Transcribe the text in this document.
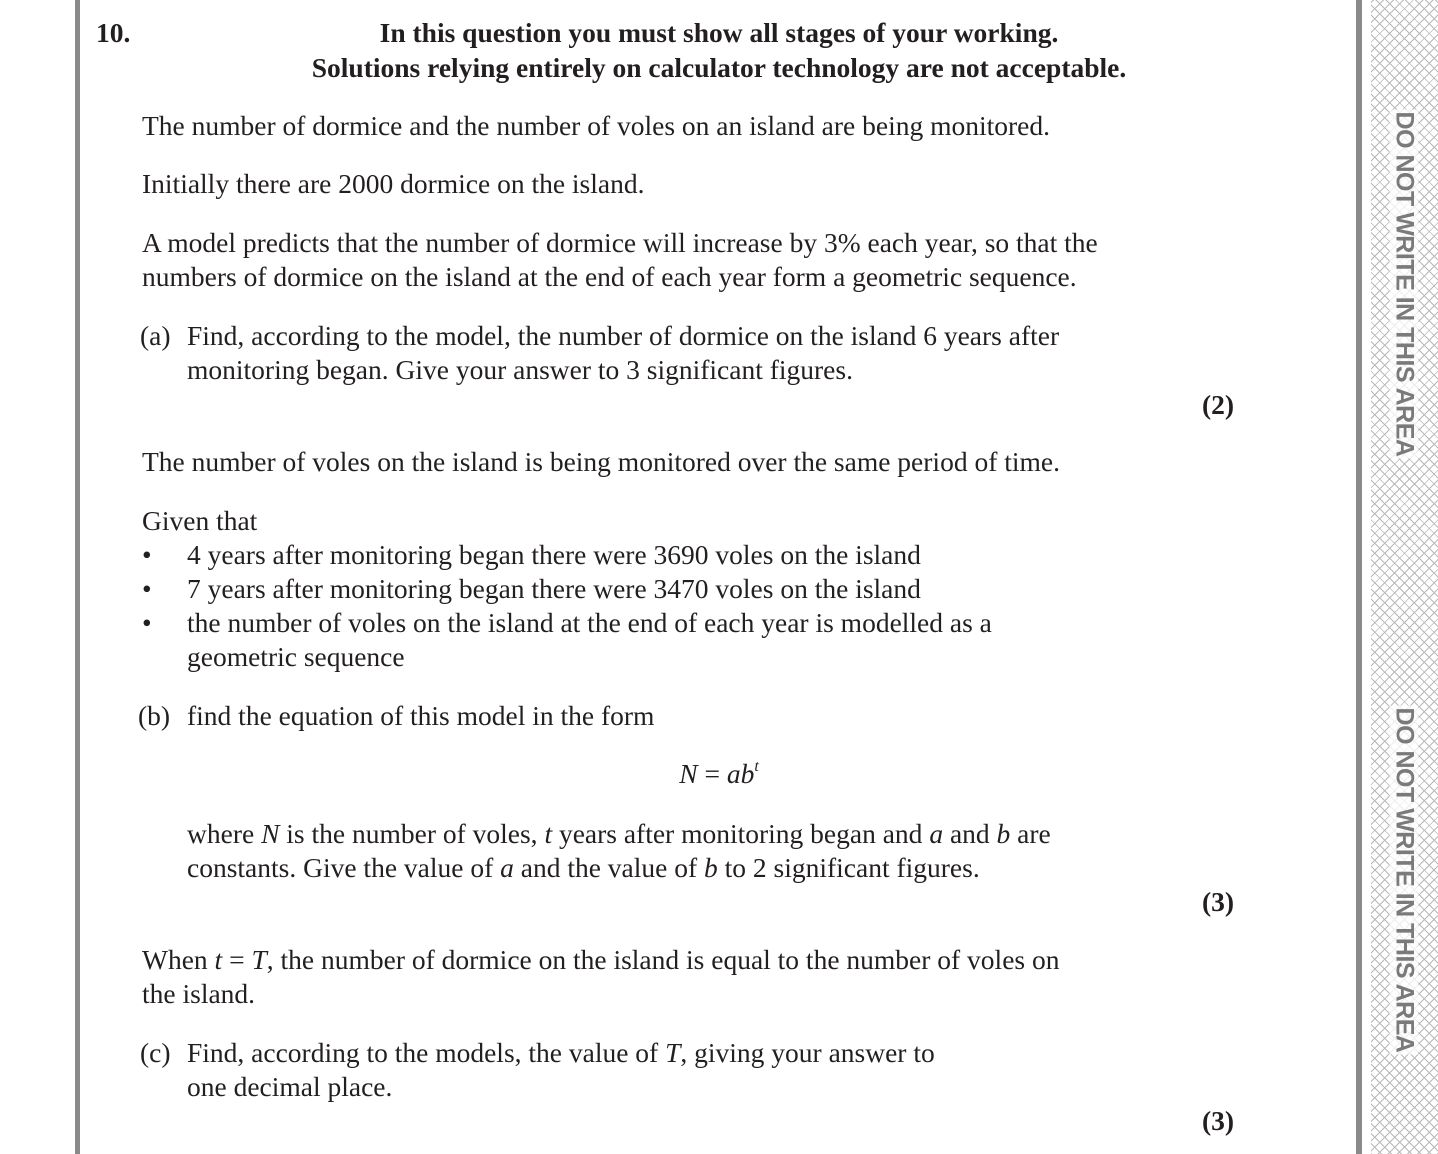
DO NOT WRITE IN THIS AREA
DO NOT WRITE IN THIS AREA
10.	In this question you must show all stages of your working.
Solutions relying entirely on calculator technology are not acceptable.
The number of dormice and the number of voles on an island are being monitored.
Initially there are 2000 dormice on the island.
A model predicts that the number of dormice will increase by 3% each year, so that the
numbers of dormice on the island at the end of each year form a geometric sequence.
(a) Find, according to the model, the number of dormice on the island 6 years after
monitoring began. Give your answer to 3 significant figures.
(2)
The number of voles on the island is being monitored over the same period of time.
Given that
• 4 years after monitoring began there were 3690 voles on the island
• 7 years after monitoring began there were 3470 voles on the island
• the number of voles on the island at the end of each year is modelled as a
geometric sequence
(b) find the equation of this model in the form
$N = ab^t$
where N is the number of voles, t years after monitoring began and a and b are
constants. Give the value of a and the value of b to 2 significant figures.
(3)
When t = T, the number of dormice on the island is equal to the number of voles on
the island.
(c) Find, according to the models, the value of T, giving your answer to
one decimal place.
(3)
